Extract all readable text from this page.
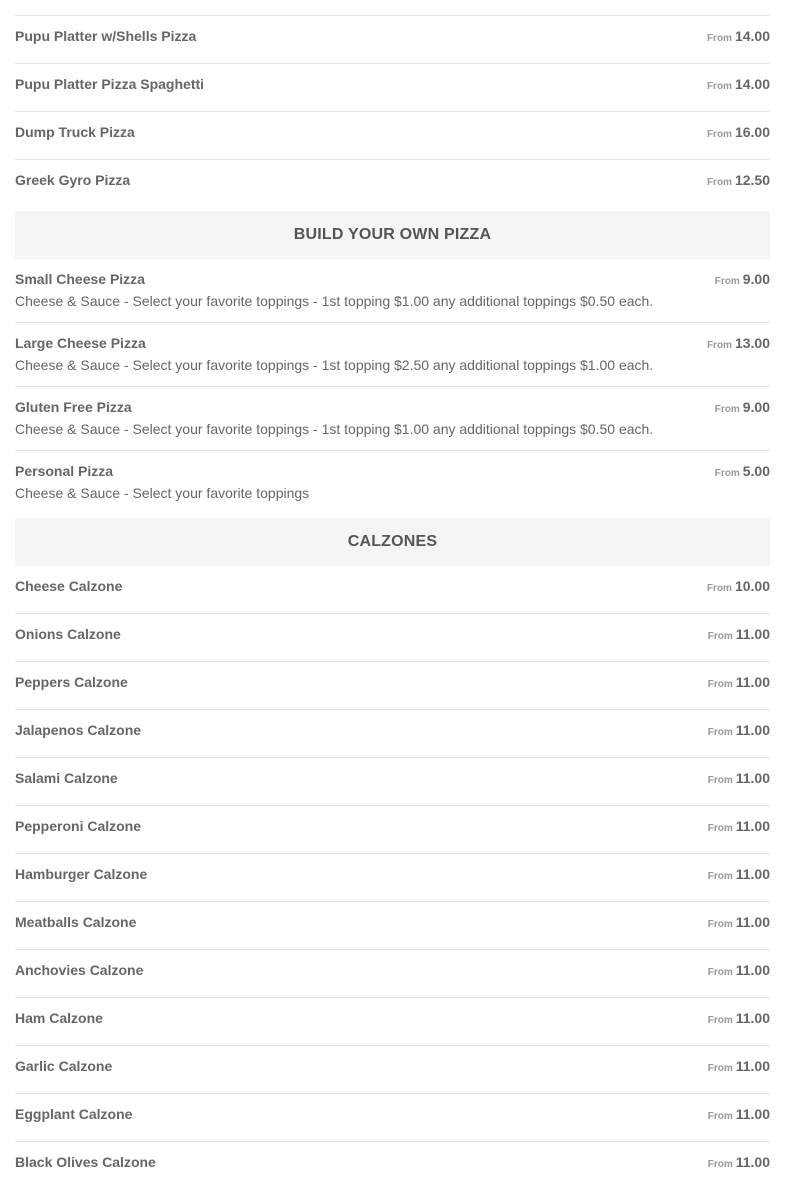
Pupu Platter w/Shells Pizza	From 14.00
Pupu Platter Pizza Spaghetti	From 14.00
Dump Truck Pizza	From 16.00
Greek Gyro Pizza	From 12.50
BUILD YOUR OWN PIZZA
Small Cheese Pizza
Cheese & Sauce - Select your favorite toppings - 1st topping $1.00 any additional toppings $0.50 each.
From 9.00
Large Cheese Pizza
Cheese & Sauce - Select your favorite toppings - 1st topping $2.50 any additional toppings $1.00 each.
From 13.00
Gluten Free Pizza
Cheese & Sauce - Select your favorite toppings - 1st topping $1.00 any additional toppings $0.50 each.
From 9.00
Personal Pizza
Cheese & Sauce - Select your favorite toppings
From 5.00
CALZONES
Cheese Calzone	From 10.00
Onions Calzone	From 11.00
Peppers Calzone	From 11.00
Jalapenos Calzone	From 11.00
Salami Calzone	From 11.00
Pepperoni Calzone	From 11.00
Hamburger Calzone	From 11.00
Meatballs Calzone	From 11.00
Anchovies Calzone	From 11.00
Ham Calzone	From 11.00
Garlic Calzone	From 11.00
Eggplant Calzone	From 11.00
Black Olives Calzone	From 11.00
